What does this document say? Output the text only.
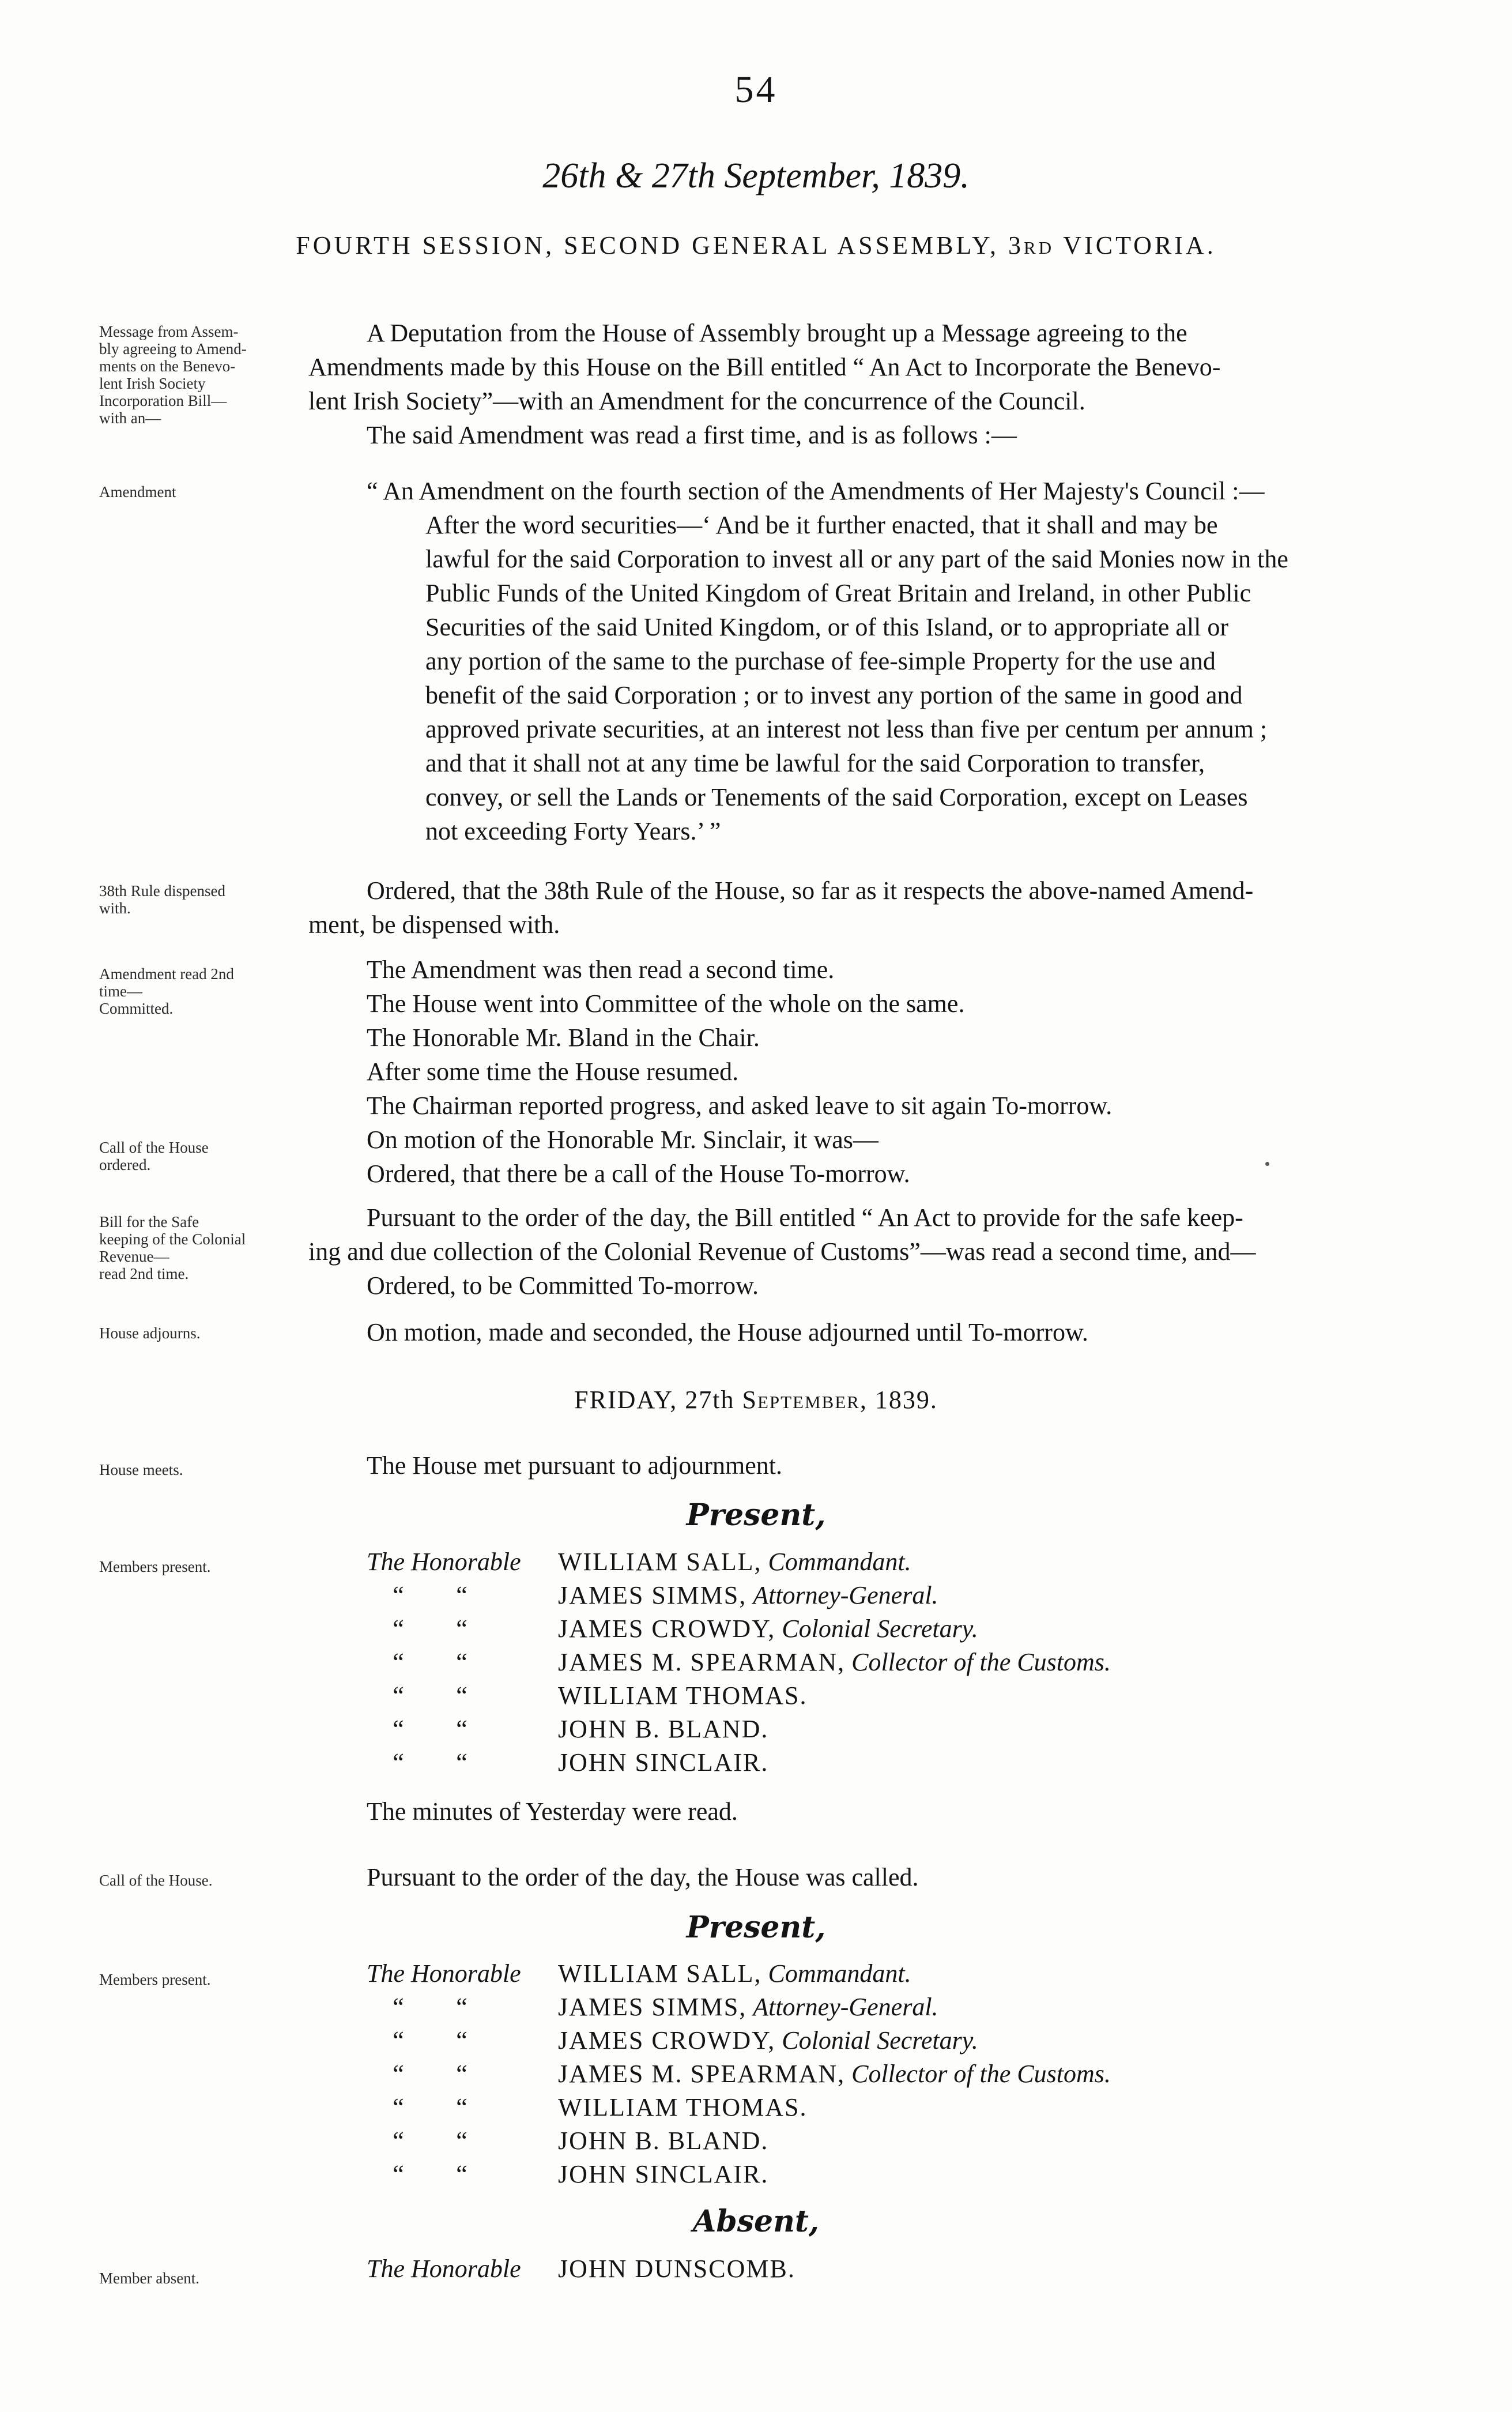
54
26th & 27th September, 1839.
FOURTH SESSION, SECOND GENERAL ASSEMBLY, 3rd VICTORIA.
Message from Assem-
bly agreeing to Amend-
ments on the Benevo-
lent Irish Society
Incorporation Bill—
with an—

A Deputation from the House of Assembly brought up a Message agreeing to the

Amendments made by this House on the Bill entitled “ An Act to Incorporate the Benevo-

lent Irish Society”—with an Amendment for the concurrence of the Council.

The said Amendment was read a first time, and is as follows :—

Amendment	“ An Amendment on the fourth section of the Amendments of Her Majesty's Council :—

After the word securities—‘ And be it further enacted, that it shall and may be

lawful for the said Corporation to invest all or any part of the said Monies now in the

Public Funds of the United Kingdom of Great Britain and Ireland, in other Public

Securities of the said United Kingdom, or of this Island, or to appropriate all or

any portion of the same to the purchase of fee-simple Property for the use and

benefit of the said Corporation ; or to invest any portion of the same in good and

approved private securities, at an interest not less than five per centum per annum ;

and that it shall not at any time be lawful for the said Corporation to transfer,

convey, or sell the Lands or Tenements of the said Corporation, except on Leases

not exceeding Forty Years.’ ”

38th Rule dispensed
with.

Ordered, that the 38th Rule of the House, so far as it respects the above-named Amend-

ment, be dispensed with.

Amendment read 2nd
time—
Committed.

The Amendment was then read a second time.

The House went into Committee of the whole on the same.

The Honorable Mr. Bland in the Chair.

After some time the House resumed.

The Chairman reported progress, and asked leave to sit again To-morrow.

Call of the House
ordered.

On motion of the Honorable Mr. Sinclair, it was—

Ordered, that there be a call of the House To-morrow.

Bill for the Safe
keeping of the Colonial
Revenue—
read 2nd time.

Pursuant to the order of the day, the Bill entitled “ An Act to provide for the safe keep-

ing and due collection of the Colonial Revenue of Customs”—was read a second time, and—

Ordered, to be Committed To-morrow.

House adjourns.	On motion, made and seconded, the House adjourned until To-morrow.

FRIDAY, 27th September, 1839.
House meets.	The House met pursuant to adjournment.

Present,
Members present.	The Honorable	WILLIAM SALL,
Commandant.
“ “	JAMES SIMMS,
Attorney-General.
“ “	JAMES CROWDY,
Colonial Secretary.
“ “	JAMES M. SPEARMAN,
Collector of the Customs.
“ “	WILLIAM THOMAS.
“ “	JOHN B. BLAND.
“ “	JOHN SINCLAIR.

The minutes of Yesterday were read.

Call of the House.	Pursuant to the order of the day, the House was called.

Present,
Members present.	The Honorable	WILLIAM SALL,
Commandant.
“ “	JAMES SIMMS,
Attorney-General.
“ “	JAMES CROWDY,
Colonial Secretary.
“ “	JAMES M. SPEARMAN,
Collector of the Customs.
“ “	WILLIAM THOMAS.
“ “	JOHN B. BLAND.
“ “	JOHN SINCLAIR.
Absent,
Member absent.	The Honorable	JOHN DUNSCOMB.
